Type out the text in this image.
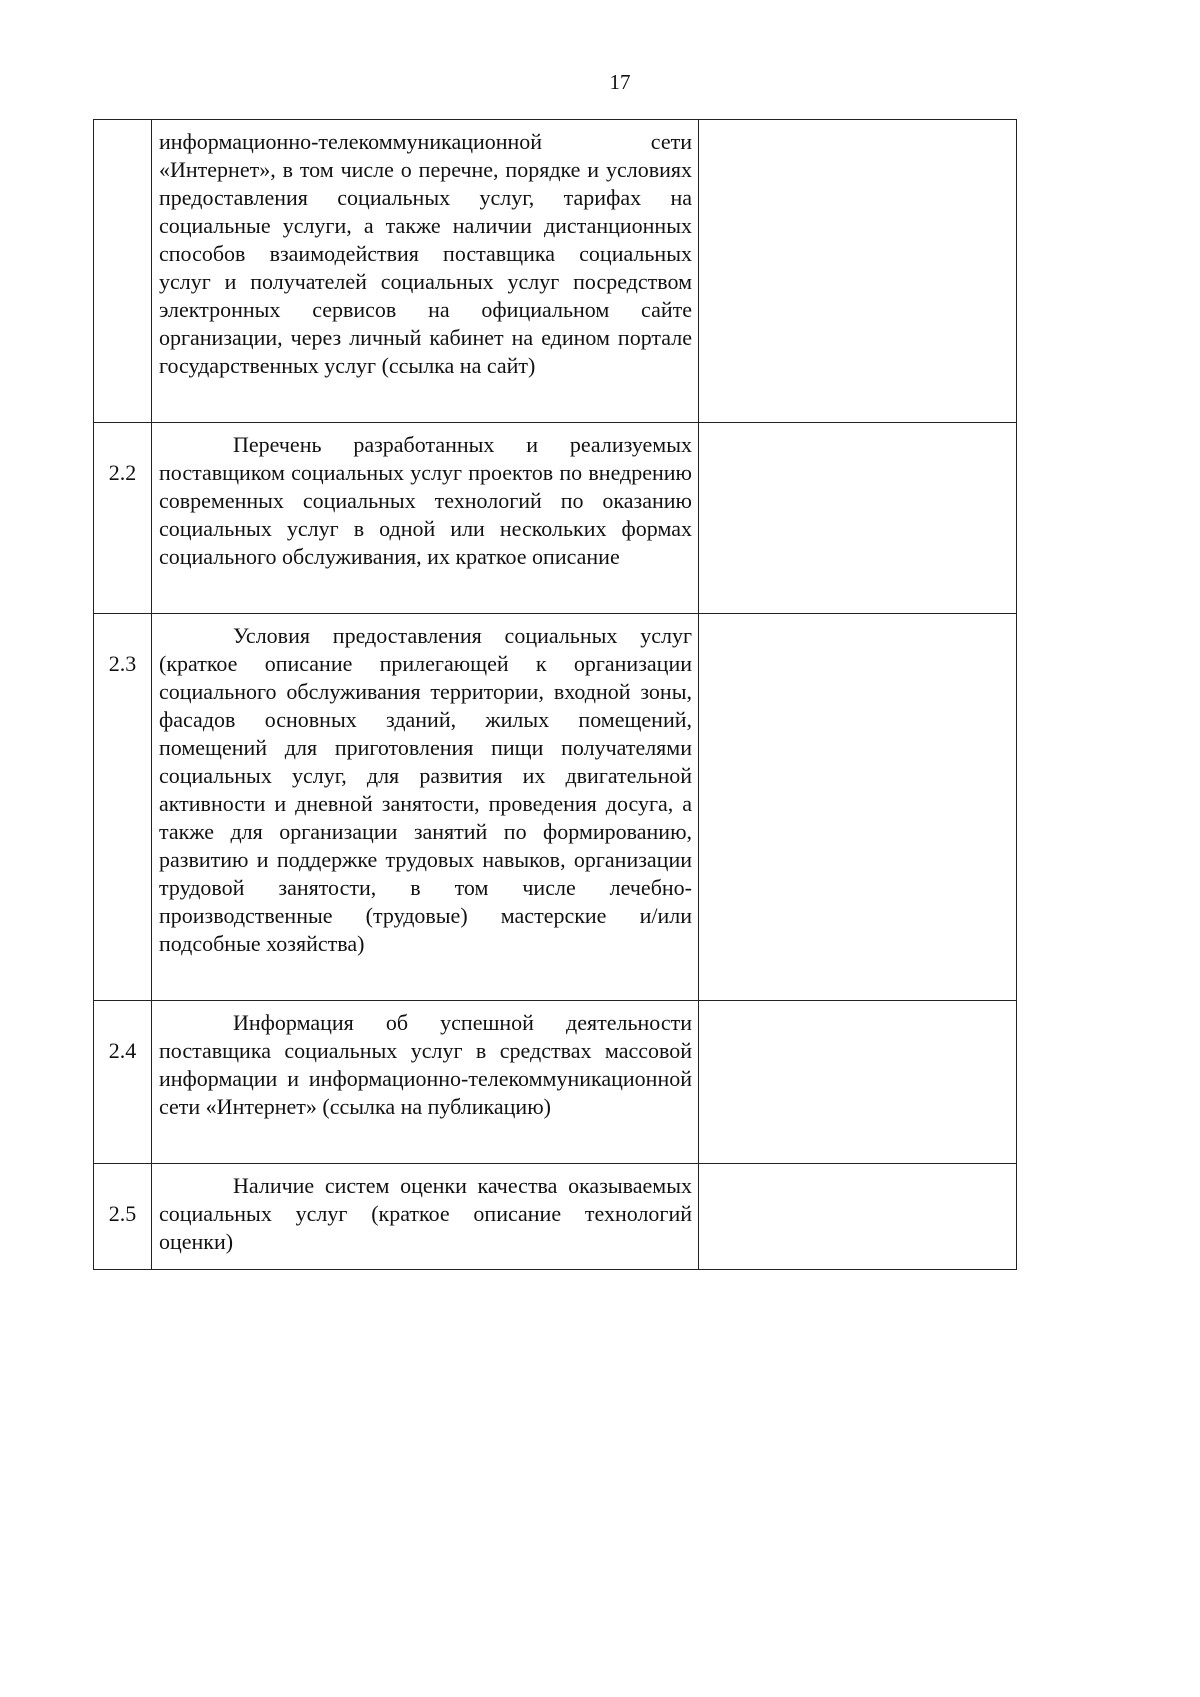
17

	информационно-телекоммуникационной сети «Интернет», в том числе о перечне, порядке и условиях предоставления социальных услуг, тарифах на социальные услуги, а также наличии дистанционных способов взаимодействия поставщика социальных услуг и получателей социальных услуг посредством электронных сервисов на официальном сайте организации, через личный кабинет на едином портале государственных услуг (ссылка на сайт)	

2.2	Перечень разработанных и реализуемых поставщиком социальных услуг проектов по внедрению современных социальных технологий по оказанию социальных услуг в одной или нескольких формах социального обслуживания, их краткое описание	

2.3	Условия предоставления социальных услуг (краткое описание прилегающей к организации социального обслуживания территории, входной зоны, фасадов основных зданий, жилых помещений, помещений для приготовления пищи получателями социальных услуг, для развития их двигательной активности и дневной занятости, проведения досуга, а также для организации занятий по формированию, развитию и поддержке трудовых навыков, организации трудовой занятости, в том числе лечебно-производственные (трудовые) мастерские и/или подсобные хозяйства)	

2.4	Информация об успешной деятельности поставщика социальных услуг в средствах массовой информации и информационно-телекоммуникационной сети «Интернет» (ссылка на публикацию)	

2.5	Наличие систем оценки качества оказываемых социальных услуг (краткое описание технологий оценки)	
